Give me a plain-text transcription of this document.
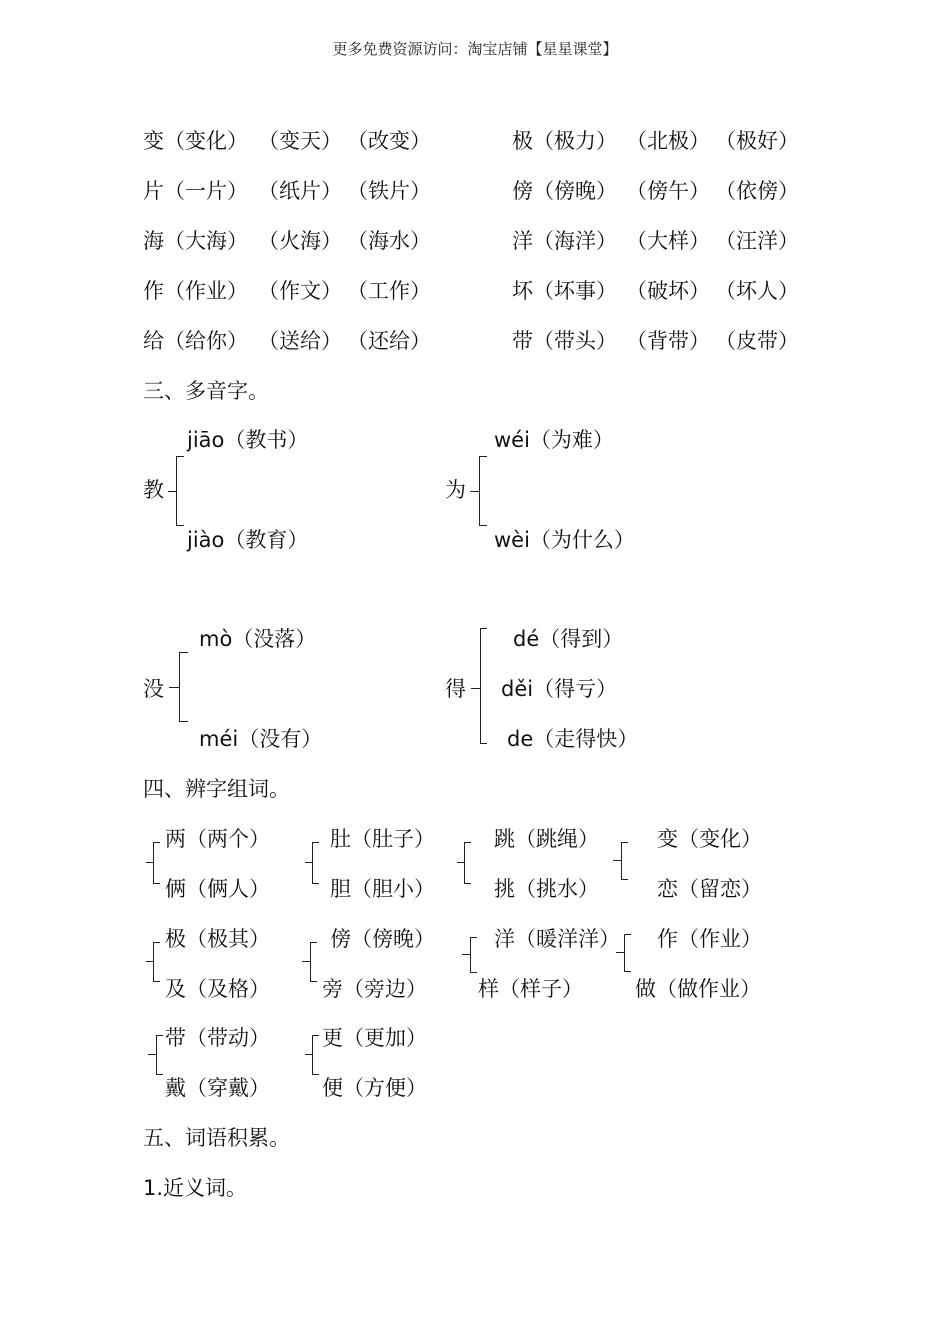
更多免费资源访问：淘宝店铺【星星课堂】
变 （变化） （变天） （改变）
片 （一片） （纸片） （铁片）
海 （大海） （火海） （海水）
作 （作业） （作文） （工作）
给 （给你） （送给） （还给）
极 （极力） （北极） （极好）
傍 （傍晚） （傍午） （依傍）
洋 （海洋） （大样） （汪洋）
坏 （坏事） （破坏） （坏人）
带 （带头） （背带） （皮带）
三、多音字。
jiāo（教书）
教
jiào（教育）
wéi（为难）
为
wèi（为什么）
mò（没落）
没
méi（没有）
dé（得到）
得 děi（得亏）
de（走得快）
四、辨字组词。
两（两个）
俩（俩人）
肚（肚子）
胆（胆小）
跳（跳绳）
挑（挑水）
变（变化）
恋（留恋）
极（极其）
及（及格）
傍（傍晚）
旁（旁边）
洋（暖洋洋）
样（样子）
作（作业）
做（做作业）
带（带动）
戴（穿戴）
更（更加）
便（方便）
五、词语积累。
1.近义词。
